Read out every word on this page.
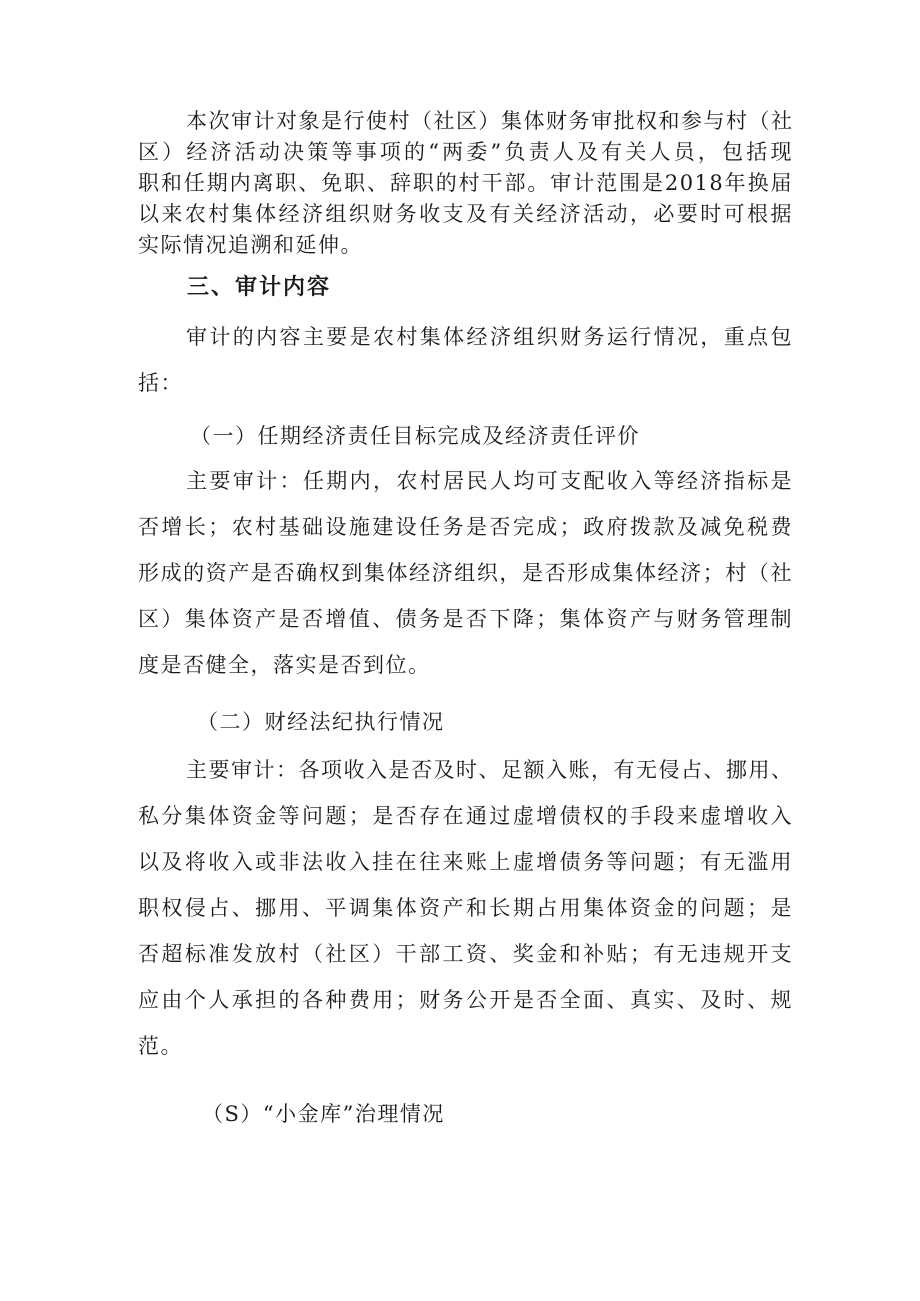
本次审计对象是行使村（社区）集体财务审批权和参与村（社
区）经济活动决策等事项的“两委”负责人及有关人员，包括现
职和任期内离职、免职、辞职的村干部。审计范围是2018年换届
以来农村集体经济组织财务收支及有关经济活动，必要时可根据
实际情况追溯和延伸。

三、审计内容

审计的内容主要是农村集体经济组织财务运行情况，重点包
括：

（一）任期经济责任目标完成及经济责任评价

主要审计：任期内，农村居民人均可支配收入等经济指标是
否增长；农村基础设施建设任务是否完成；政府拨款及减免税费
形成的资产是否确权到集体经济组织，是否形成集体经济；村（社
区）集体资产是否增值、债务是否下降；集体资产与财务管理制
度是否健全，落实是否到位。

（二）财经法纪执行情况

主要审计：各项收入是否及时、足额入账，有无侵占、挪用、
私分集体资金等问题；是否存在通过虚增债权的手段来虚增收入
以及将收入或非法收入挂在往来账上虚增债务等问题；有无滥用
职权侵占、挪用、平调集体资产和长期占用集体资金的问题；是
否超标准发放村（社区）干部工资、奖金和补贴；有无违规开支
应由个人承担的各种费用；财务公开是否全面、真实、及时、规
范。

（S）“小金库”治理情况
